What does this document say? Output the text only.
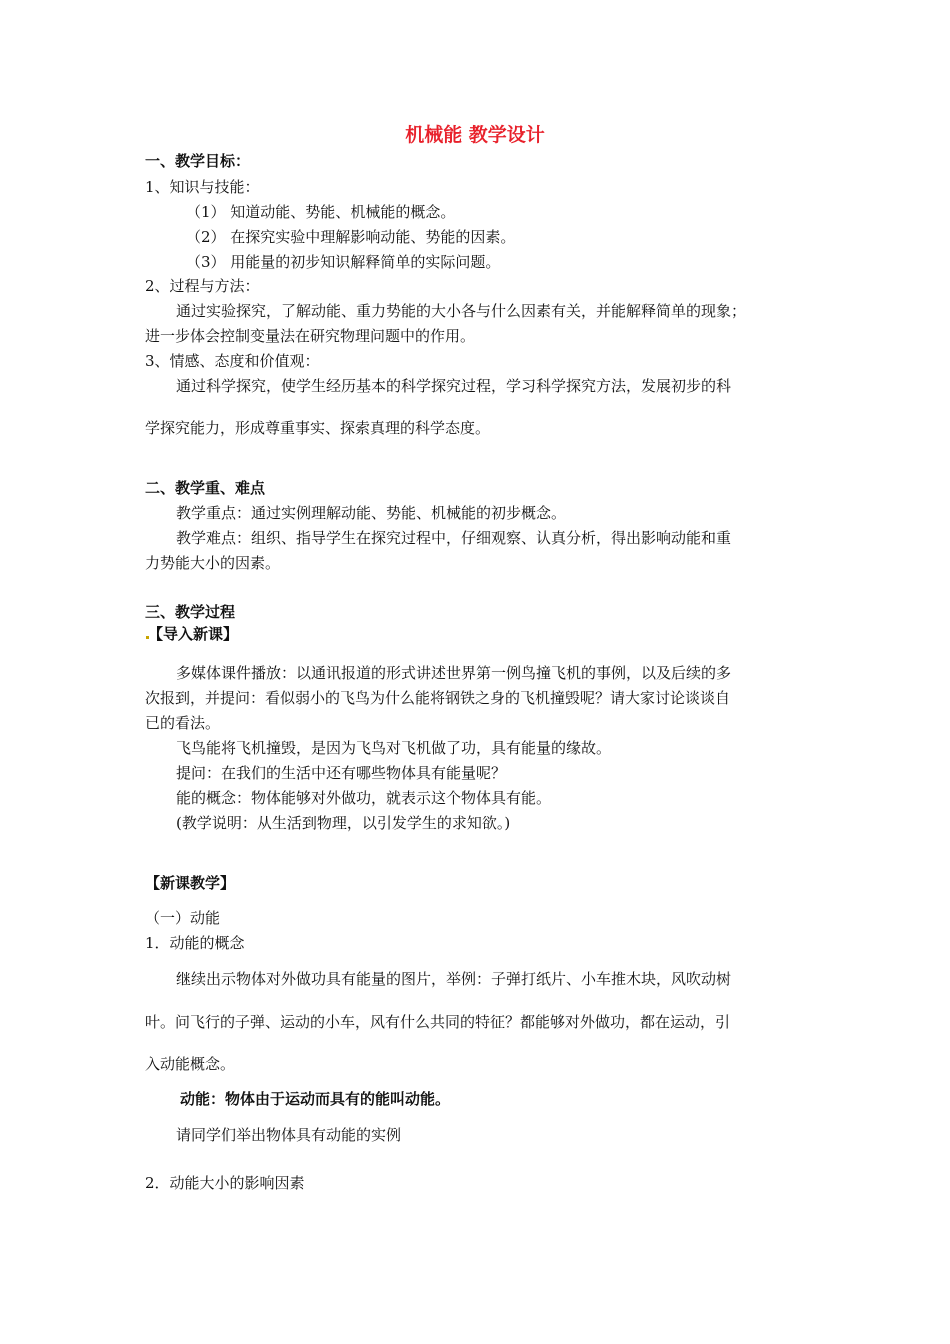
机械能 教学设计
一、教学目标：
1、知识与技能：
（1） 知道动能、势能、机械能的概念。
（2） 在探究实验中理解影响动能、势能的因素。
（3） 用能量的初步知识解释简单的实际问题。
2、过程与方法：
通过实验探究，了解动能、重力势能的大小各与什么因素有关，并能解释简单的现象；
进一步体会控制变量法在研究物理问题中的作用。
3、情感、态度和价值观：
通过科学探究，使学生经历基本的科学探究过程，学习科学探究方法，发展初步的科
学探究能力，形成尊重事实、探索真理的科学态度。
二、教学重、难点
教学重点：通过实例理解动能、势能、机械能的初步概念。
教学难点：组织、指导学生在探究过程中，仔细观察、认真分析，得出影响动能和重
力势能大小的因素。
三、教学过程
【导入新课】
多媒体课件播放：以通讯报道的形式讲述世界第一例鸟撞飞机的事例，以及后续的多
次报到，并提问：看似弱小的飞鸟为什么能将钢铁之身的飞机撞毁呢？请大家讨论谈谈自
已的看法。
飞鸟能将飞机撞毁，是因为飞鸟对飞机做了功，具有能量的缘故。
提问：在我们的生活中还有哪些物体具有能量呢？
能的概念：物体能够对外做功，就表示这个物体具有能。
(教学说明：从生活到物理，以引发学生的求知欲。)
【新课教学】
（一）动能
1．动能的概念
继续出示物体对外做功具有能量的图片，举例：子弹打纸片、小车推木块，风吹动树
叶。问飞行的子弹、运动的小车，风有什么共同的特征？都能够对外做功，都在运动，引
入动能概念。
动能：物体由于运动而具有的能叫动能。
请同学们举出物体具有动能的实例
2．动能大小的影响因素
